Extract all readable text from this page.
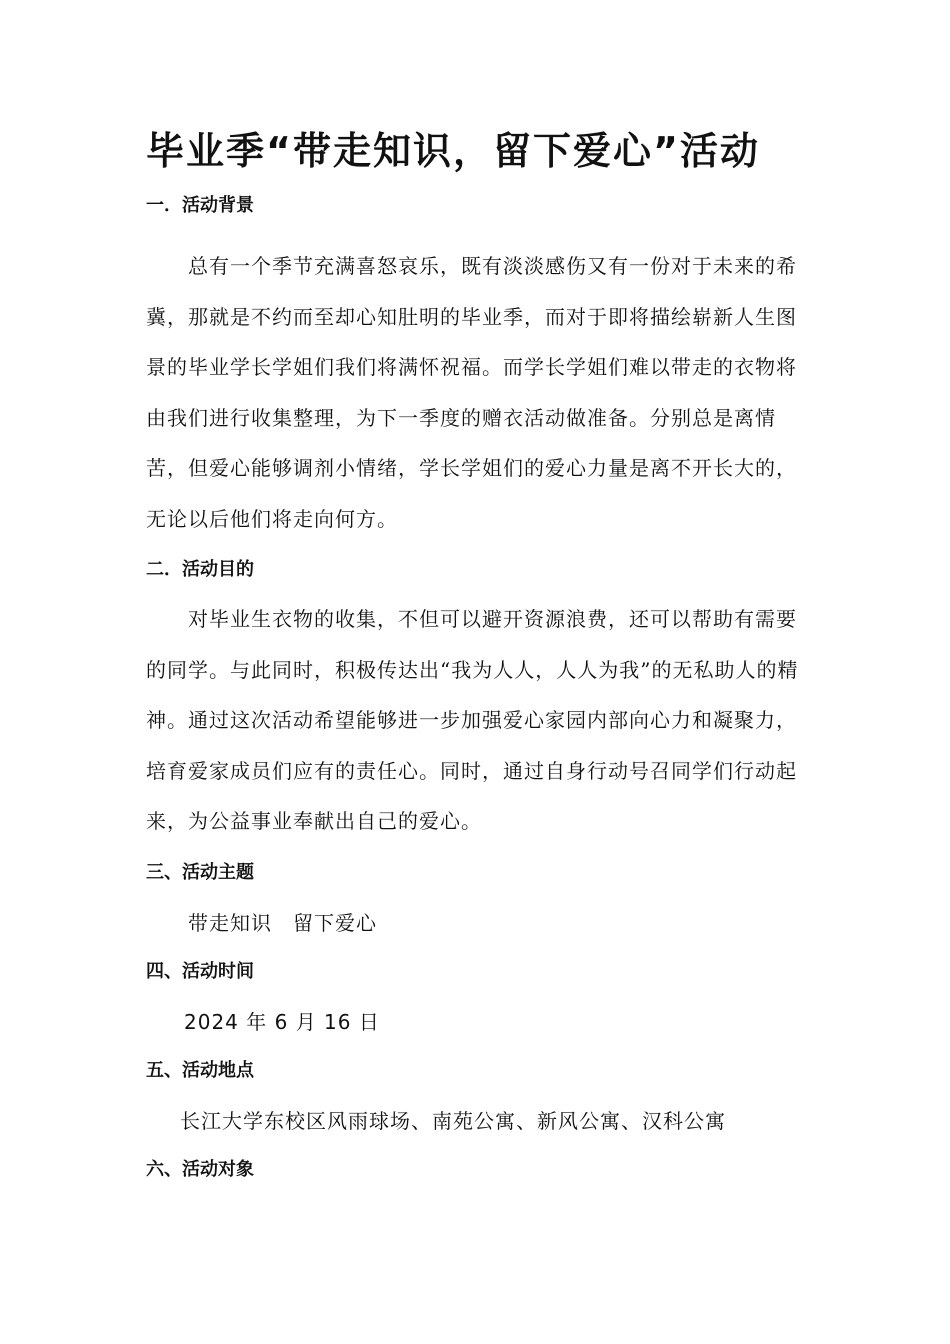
毕业季“带走知识，留下爱心”活动
一．活动背景

总有一个季节充满喜怒哀乐，既有淡淡感伤又有一份对于未来的希冀，那就是不约而至却心知肚明的毕业季，而对于即将描绘崭新人生图景的毕业学长学姐们我们将满怀祝福。而学长学姐们难以带走的衣物将由我们进行收集整理，为下一季度的赠衣活动做准备。分别总是离情苦，但爱心能够调剂小情绪，学长学姐们的爱心力量是离不开长大的，无论以后他们将走向何方。

二．活动目的

对毕业生衣物的收集，不但可以避开资源浪费，还可以帮助有需要的同学。与此同时，积极传达出“我为人人，人人为我”的无私助人的精神。通过这次活动希望能够进一步加强爱心家园内部向心力和凝聚力，培育爱家成员们应有的责任心。同时，通过自身行动号召同学们行动起来，为公益事业奉献出自己的爱心。

三、活动主题
带走知识　留下爱心
四、活动时间
2024 年 6 月 16 日
五、活动地点
长江大学东校区风雨球场、南苑公寓、新风公寓、汉科公寓
六、活动对象
